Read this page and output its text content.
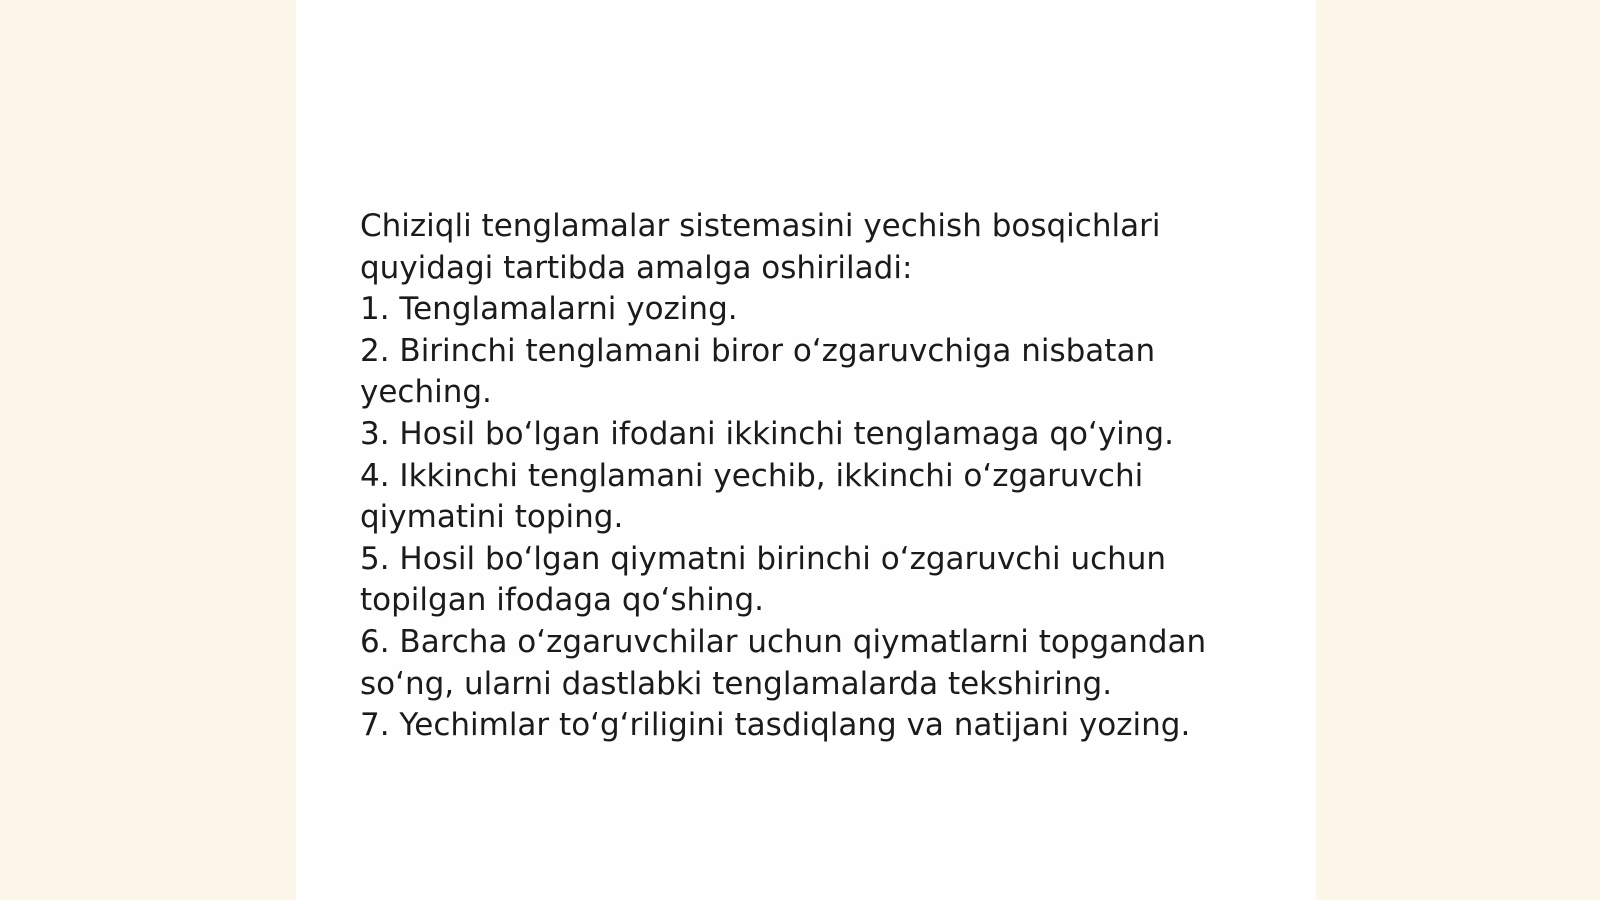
Chiziqli tenglamalar sistemasini yechish bosqichlari quyidagi tartibda amalga oshiriladi:

1. Tenglamalarni yozing.

2. Birinchi tenglamani biror oʻzgaruvchiga nisbatan yeching.

3. Hosil boʻlgan ifodani ikkinchi tenglamaga qoʻying.

4. Ikkinchi tenglamani yechib, ikkinchi oʻzgaruvchi qiymatini toping.

5. Hosil boʻlgan qiymatni birinchi oʻzgaruvchi uchun topilgan ifodaga qoʻshing.

6. Barcha oʻzgaruvchilar uchun qiymatlarni topgandan soʻng, ularni dastlabki tenglamalarda tekshiring.

7. Yechimlar toʻgʻriligini tasdiqlang va natijani yozing.
